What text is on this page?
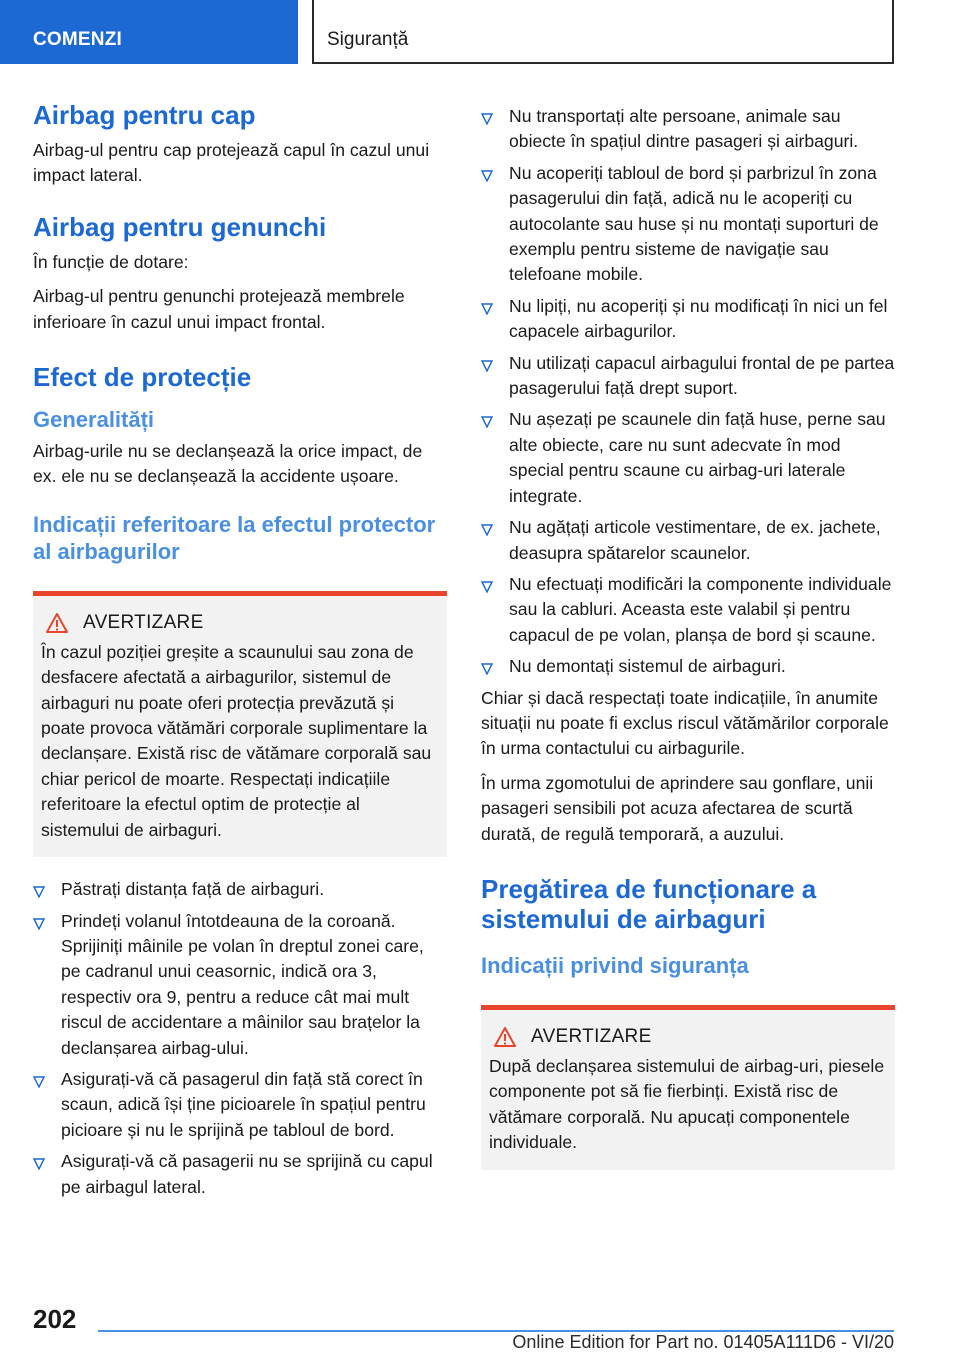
COMENZI	Siguranță
Airbag pentru cap

Airbag-ul pentru cap protejează capul în cazul unui impact lateral.

Airbag pentru genunchi

În funcție de dotare:

Airbag-ul pentru genunchi protejează membrele inferioare în cazul unui impact frontal.

Efect de protecție
Generalități

Airbag-urile nu se declanșează la orice impact, de ex. ele nu se declanșează la accidente ușoare.

Indicații referitoare la efectul protector al airbagurilor
AVERTIZARE

În cazul poziției greșite a scaunului sau zona de desfacere afectată a airbagurilor, sistemul de airbaguri nu poate oferi protecția prevăzută și poate provoca vătămări corporale suplimentare la declanșare. Există risc de vătămare corporală sau chiar pericol de moarte. Respectați indicațiile referitoare la efectul optim de protecție al sistemului de airbaguri.

Păstrați distanța față de airbaguri.
Prindeți volanul întotdeauna de la coroană. Sprijiniți mâinile pe volan în dreptul zonei care, pe cadranul unui ceasornic, indică ora 3, respectiv ora 9, pentru a reduce cât mai mult riscul de accidentare a mâinilor sau brațelor la declanșarea airbag-ului.
Asigurați-vă că pasagerul din față stă corect în scaun, adică își ține picioarele în spațiul pentru picioare și nu le sprijină pe tabloul de bord.
Asigurați-vă că pasagerii nu se sprijină cu capul pe airbagul lateral.
Nu transportați alte persoane, animale sau obiecte în spațiul dintre pasageri și airbaguri.
Nu acoperiți tabloul de bord și parbrizul în zona pasagerului din față, adică nu le acoperiți cu autocolante sau huse și nu montați suporturi de exemplu pentru sisteme de navigație sau telefoane mobile.
Nu lipiți, nu acoperiți și nu modificați în nici un fel capacele airbagurilor.
Nu utilizați capacul airbagului frontal de pe partea pasagerului față drept suport.
Nu așezați pe scaunele din față huse, perne sau alte obiecte, care nu sunt adecvate în mod special pentru scaune cu airbag-uri laterale integrate.
Nu agățați articole vestimentare, de ex. jachete, deasupra spătarelor scaunelor.
Nu efectuați modificări la componente individuale sau la cabluri. Aceasta este valabil și pentru capacul de pe volan, planșa de bord și scaune.
Nu demontați sistemul de airbaguri.

Chiar și dacă respectați toate indicațiile, în anumite situații nu poate fi exclus riscul vătămărilor corporale în urma contactului cu airbagurile.

În urma zgomotului de aprindere sau gonflare, unii pasageri sensibili pot acuza afectarea de scurtă durată, de regulă temporară, a auzului.

Pregătirea de funcționare a sistemului de airbaguri
Indicații privind siguranța
AVERTIZARE

După declanșarea sistemului de airbag-uri, piesele componente pot să fie fierbinți. Există risc de vătămare corporală. Nu apucați componentele individuale.

202
Online Edition for Part no. 01405A111D6 - VI/20
